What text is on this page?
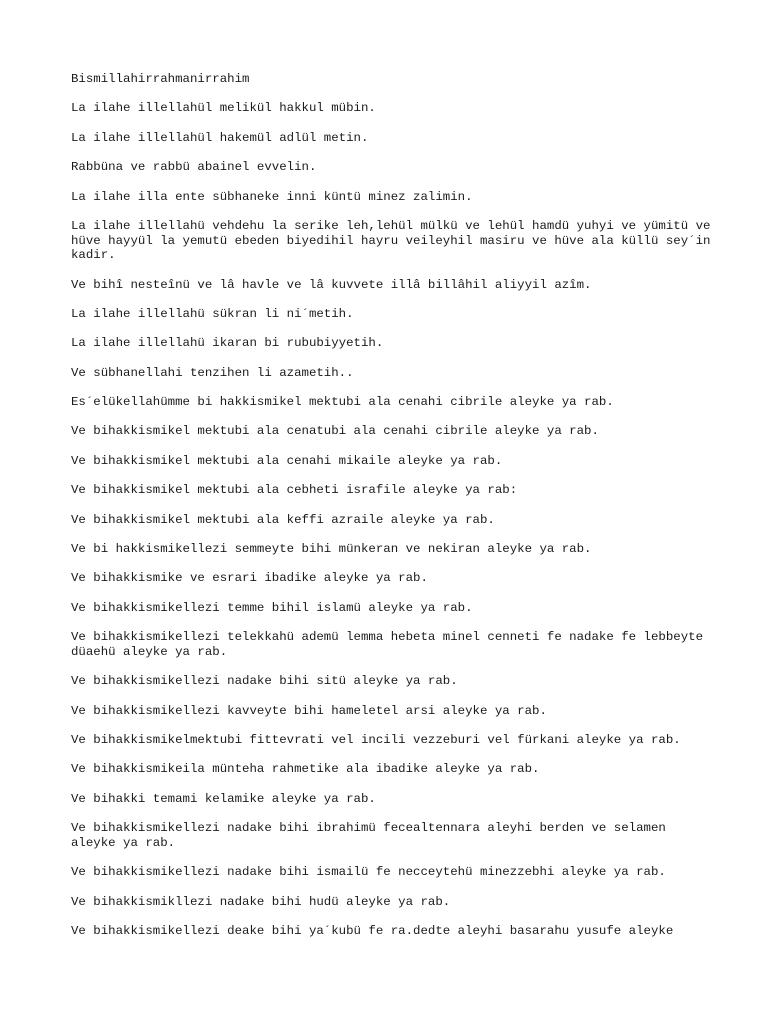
Bismillahirrahmanirrahim

La ilahe illellahül melikül hakkul mübin.

La ilahe illellahül hakemül adlül metin.

Rabbüna ve rabbü abainel evvelin.

La ilahe illa ente sübhaneke inni küntü minez zalimin.

La ilahe illellahü vehdehu la serike leh,lehül mülkü ve lehül hamdü yuhyi ve yümitü ve hüve hayyül la yemutü ebeden biyedihil hayru veileyhil masiru ve hüve ala küllü sey´in kadir.

Ve bihî nesteînü ve lâ havle ve lâ kuvvete illâ billâhil aliyyil azîm.

La ilahe illellahü sükran li ni´metih.

La ilahe illellahü ikaran bi rububiyyetih.

Ve sübhanellahi tenzihen li azametih..

Es´elükellahümme bi hakkismikel mektubi ala cenahi cibrile aleyke ya rab.

Ve bihakkismikel mektubi ala cenatubi ala cenahi cibrile aleyke ya rab.

Ve bihakkismikel mektubi ala cenahi mikaile aleyke ya rab.

Ve bihakkismikel mektubi ala cebheti israfile aleyke ya rab:

Ve bihakkismikel mektubi ala keffi azraile aleyke ya rab.

Ve bi hakkismikellezi semmeyte bihi münkeran ve nekiran aleyke ya rab.

Ve bihakkismike ve esrari ibadike aleyke ya rab.

Ve bihakkismikellezi temme bihil islamü aleyke ya rab.

Ve bihakkismikellezi telekkahü ademü lemma hebeta minel cenneti fe nadake fe lebbeyte düaehü aleyke ya rab.

Ve bihakkismikellezi nadake bihi sitü aleyke ya rab.

Ve bihakkismikellezi kavveyte bihi hameletel arsi aleyke ya rab.

Ve bihakkismikelmektubi fittevrati vel incili vezzeburi vel fürkani aleyke ya rab.

Ve bihakkismikeila münteha rahmetike ala ibadike aleyke ya rab.

Ve bihakki temami kelamike aleyke ya rab.

Ve bihakkismikellezi nadake bihi ibrahimü fecealtennara aleyhi berden ve selamen aleyke ya rab.

Ve bihakkismikellezi nadake bihi ismailü fe necceytehü minezzebhi aleyke ya rab.

Ve bihakkismikllezi nadake bihi hudü aleyke ya rab.

Ve bihakkismikellezi deake bihi ya´kubü fe ra.dedte aleyhi basarahu yusufe aleyke
